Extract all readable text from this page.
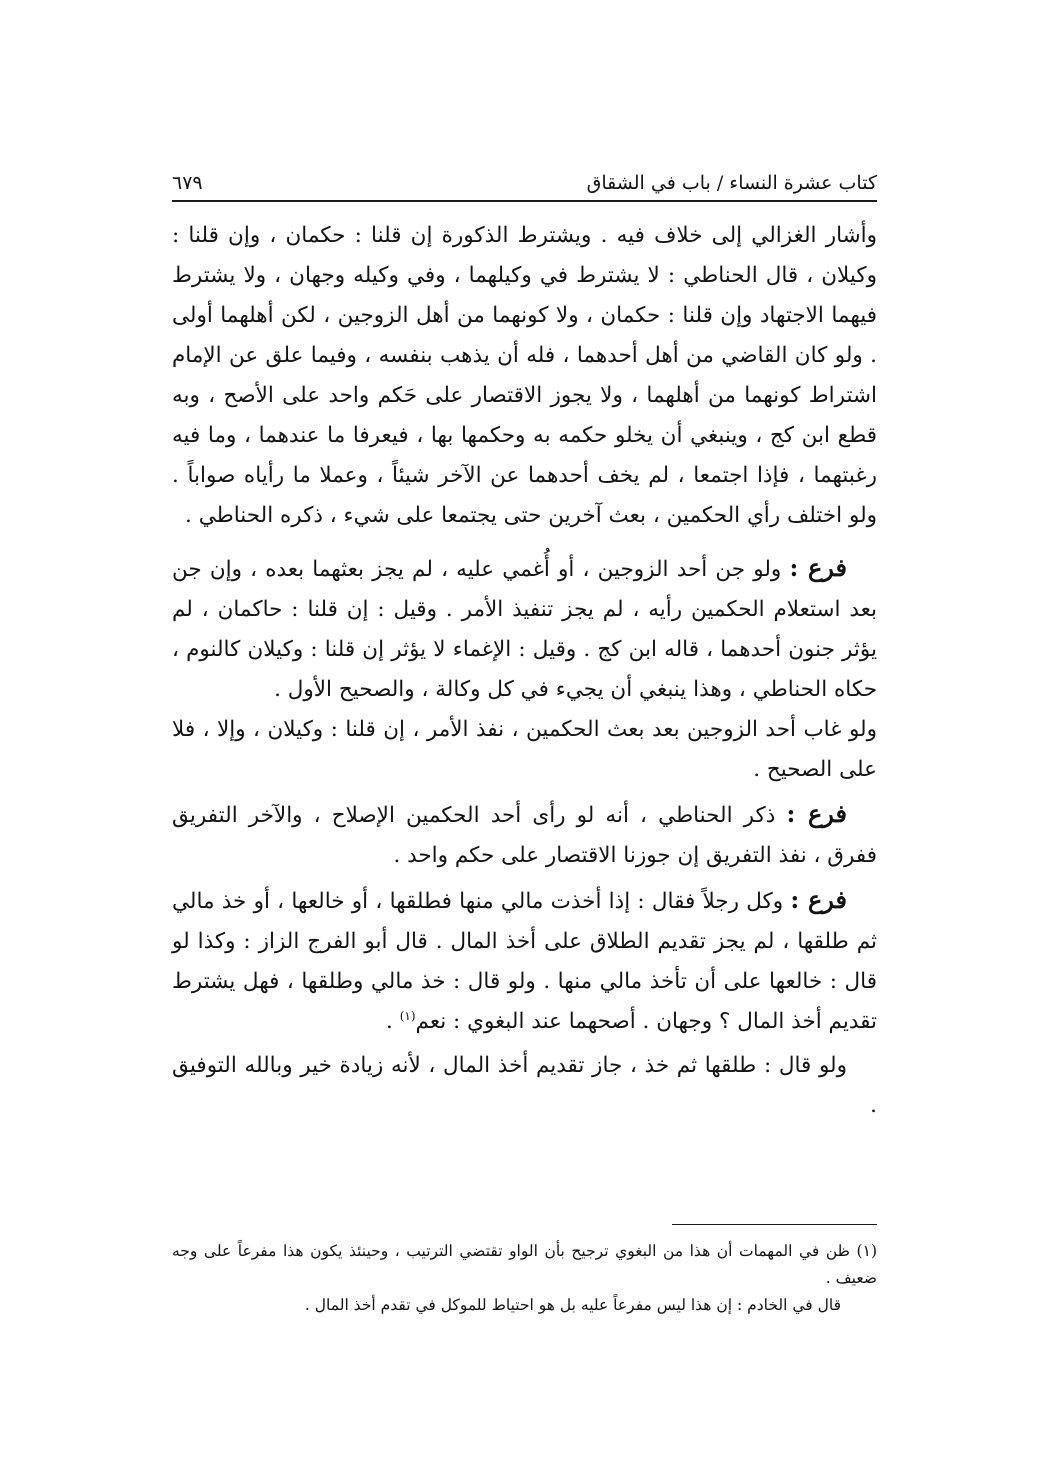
كتاب عشرة النساء / باب في الشقاق
٦٧٩

وأشار الغزالي إلى خلاف فيه . ويشترط الذكورة إن قلنا : حكمان ، وإن قلنا : وكيلان ، قال الحناطي : لا يشترط في وكيلهما ، وفي وكيله وجهان ، ولا يشترط فيهما الاجتهاد وإن قلنا : حكمان ، ولا كونهما من أهل الزوجين ، لكن أهلهما أولى . ولو كان القاضي من أهل أحدهما ، فله أن يذهب بنفسه ، وفيما علق عن الإمام اشتراط كونهما من أهلهما ، ولا يجوز الاقتصار على حَكم واحد على الأصح ، وبه قطع ابن كج ، وينبغي أن يخلو حكمه به وحكمها بها ، فيعرفا ما عندهما ، وما فيه رغبتهما ، فإذا اجتمعا ، لم يخف أحدهما عن الآخر شيئاً ، وعملا ما رأياه صواباً . ولو اختلف رأي الحكمين ، بعث آخرين حتى يجتمعا على شيء ، ذكره الحناطي .

فرع : ولو جن أحد الزوجين ، أو أُغمي عليه ، لم يجز بعثهما بعده ، وإن جن بعد استعلام الحكمين رأيه ، لم يجز تنفيذ الأمر . وقيل : إن قلنا : حاكمان ، لم يؤثر جنون أحدهما ، قاله ابن كج . وقيل : الإغماء لا يؤثر إن قلنا : وكيلان كالنوم ، حكاه الحناطي ، وهذا ينبغي أن يجيء في كل وكالة ، والصحيح الأول .

ولو غاب أحد الزوجين بعد بعث الحكمين ، نفذ الأمر ، إن قلنا : وكيلان ، وإلا ، فلا على الصحيح .

فرع : ذكر الحناطي ، أنه لو رأى أحد الحكمين الإصلاح ، والآخر التفريق ففرق ، نفذ التفريق إن جوزنا الاقتصار على حكم واحد .

فرع : وكل رجلاً فقال : إذا أخذت مالي منها فطلقها ، أو خالعها ، أو خذ مالي ثم طلقها ، لم يجز تقديم الطلاق على أخذ المال . قال أبو الفرج الزاز : وكذا لو قال : خالعها على أن تأخذ مالي منها . ولو قال : خذ مالي وطلقها ، فهل يشترط تقديم أخذ المال ؟ وجهان . أصحهما عند البغوي : نعم$^{(١)}$ .

ولو قال : طلقها ثم خذ ، جاز تقديم أخذ المال ، لأنه زيادة خير وبالله التوفيق .

(١) ظن في المهمات أن هذا من البغوي ترجيح بأن الواو تقتضي الترتيب ، وحينئذ يكون هذا مفرعاً على وجه ضعيف .

قال في الخادم : إن هذا ليس مفرعاً عليه بل هو احتياط للموكل في تقدم أخذ المال .
